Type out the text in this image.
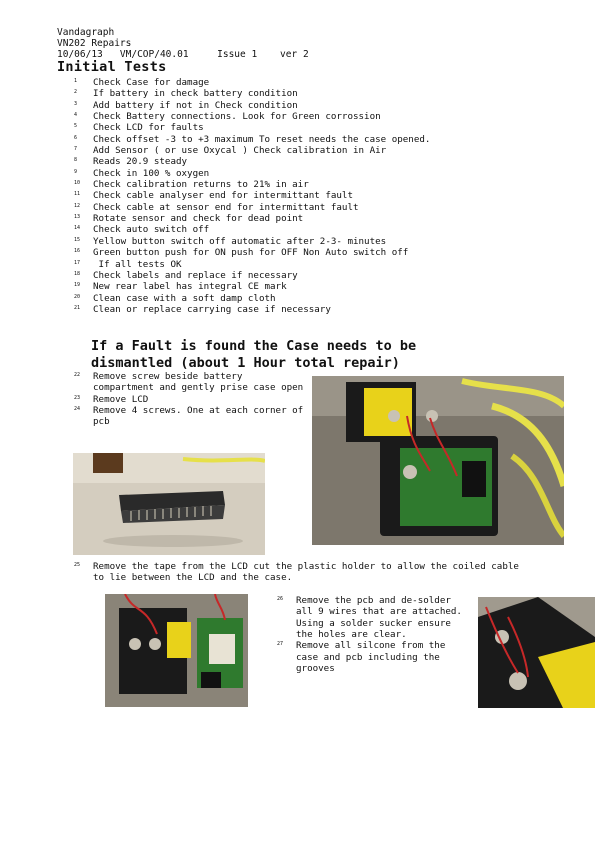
Vandagraph
VN202 Repairs
10/06/13   VM/COP/40.01     Issue 1    ver 2
Initial Tests
1	Check Case for damage
2	If battery in check battery condition
3	Add battery if not in Check condition
4	Check Battery connections. Look for Green corrossion
5	Check LCD for faults
6	Check offset -3 to +3 maximum To reset needs the case opened.
7	Add Sensor ( or use Oxycal ) Check calibration in Air
8	Reads 20.9 steady
9	Check in 100 % oxygen
10	Check calibration returns to 21% in air
11	Check cable analyser end for intermittant fault
12	Check cable at sensor end for intermittant fault
13	Rotate sensor and check for dead point
14	Check auto switch off
15	Yellow button switch off automatic after 2-3- minutes
16	Green button push for ON push for OFF Non Auto switch off
17	If all tests OK
18	Check labels and replace if necessary
19	New rear label has integral CE mark
20	Clean case with a soft damp cloth
21	Clean or replace carrying case if necessary
If a Fault is found the Case needs to be dismantled (about 1 Hour total repair)
22	Remove screw beside battery compartment and gently prise case open
23	Remove LCD
24	Remove 4 screws. One at each corner of pcb
25	Remove the tape from the LCD cut the plastic holder to allow the coiled cable to lie between the LCD and the case.
26	Remove the pcb and de-solder all 9 wires that are attached. Using a solder sucker ensure the holes are clear.
27	Remove all silcone from the case and pcb including the grooves
